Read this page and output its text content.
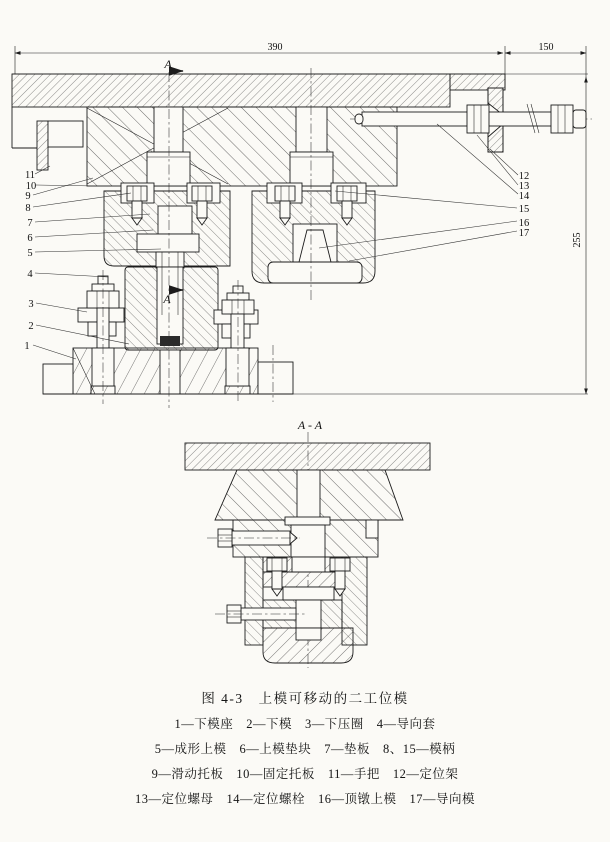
390	150
255
A
A
11
10
9
8
7
6
5
4
3
2
1
12
13
14
15
16
17
A - A
图 4-3　上模可移动的二工位模
1—下模座　2—下模　3—下压圈　4—导向套
5—成形上模　6—上模垫块　7—垫板　8、15—模柄
9—滑动托板　10—固定托板　11—手把　12—定位架
13—定位螺母　14—定位螺栓　16—顶镦上模　17—导向模
